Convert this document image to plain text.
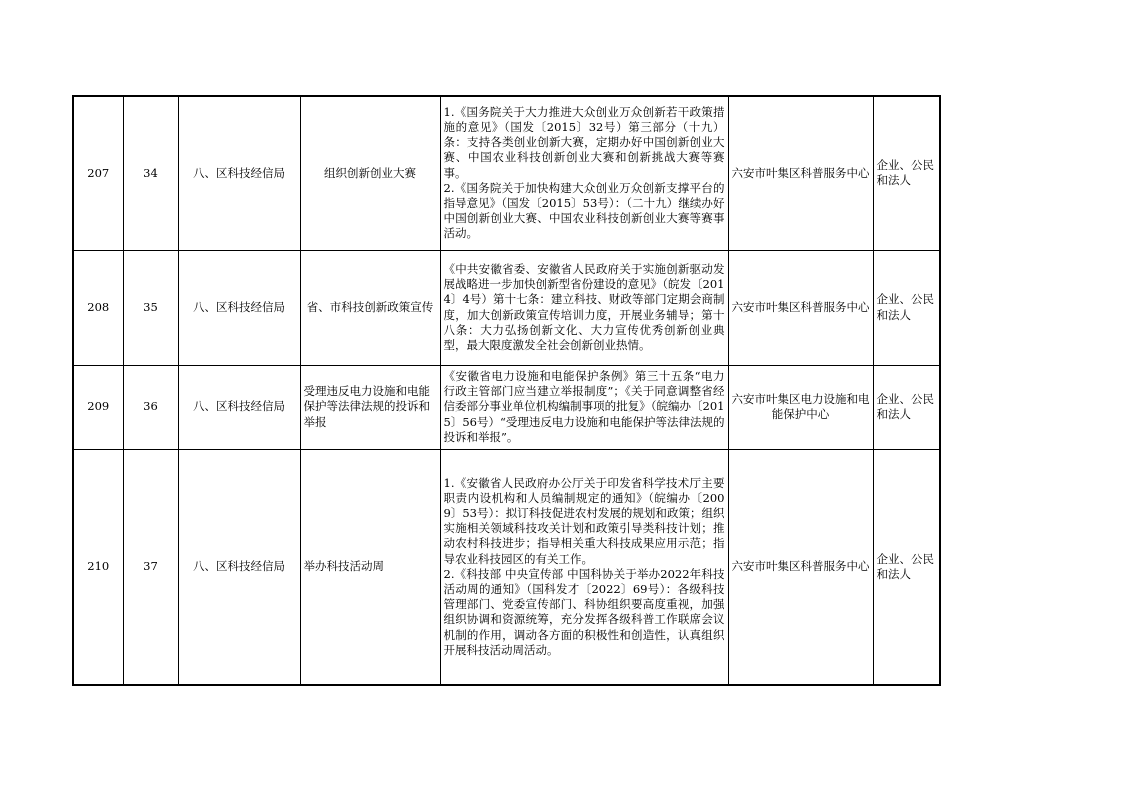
207	34	八、区科技经信局	组织创新创业大赛	1.《国务院关于大力推进大众创业万众创新若干政策措施的意见》（国发〔2015〕32号）第三部分（十九）条：支持各类创业创新大赛，定期办好中国创新创业大赛、中国农业科技创新创业大赛和创新挑战大赛等赛事。

2.《国务院关于加快构建大众创业万众创新支撑平台的指导意见》（国发〔2015〕53号）：（二十九）继续办好中国创新创业大赛、中国农业科技创新创业大赛等赛事活动。	六安市叶集区科普服务中心	企业、公民和法人
208	35	八、区科技经信局	省、市科技创新政策宣传	《中共安徽省委、安徽省人民政府关于实施创新驱动发展战略进一步加快创新型省份建设的意见》（皖发〔2014〕4号）第十七条：建立科技、财政等部门定期会商制度，加大创新政策宣传培训力度，开展业务辅导；第十八条：大力弘扬创新文化、大力宣传优秀创新创业典型，最大限度激发全社会创新创业热情。	六安市叶集区科普服务中心	企业、公民和法人
209	36	八、区科技经信局	受理违反电力设施和电能保护等法律法规的投诉和举报	《安徽省电力设施和电能保护条例》第三十五条“电力行政主管部门应当建立举报制度”；《关于同意调整省经信委部分事业单位机构编制事项的批复》（皖编办〔2015〕56号）“受理违反电力设施和电能保护等法律法规的投诉和举报”。	六安市叶集区电力设施和电能保护中心	企业、公民和法人
210	37	八、区科技经信局	举办科技活动周	1.《安徽省人民政府办公厅关于印发省科学技术厅主要职责内设机构和人员编制规定的通知》（皖编办〔2009〕53号）：拟订科技促进农村发展的规划和政策；组织实施相关领域科技攻关计划和政策引导类科技计划；推动农村科技进步；指导相关重大科技成果应用示范；指导农业科技园区的有关工作。

2.《科技部 中央宣传部 中国科协关于举办2022年科技活动周的通知》（国科发才〔2022〕69号）：各级科技管理部门、党委宣传部门、科协组织要高度重视，加强组织协调和资源统筹，充分发挥各级科普工作联席会议机制的作用，调动各方面的积极性和创造性，认真组织开展科技活动周活动。	六安市叶集区科普服务中心	企业、公民和法人
